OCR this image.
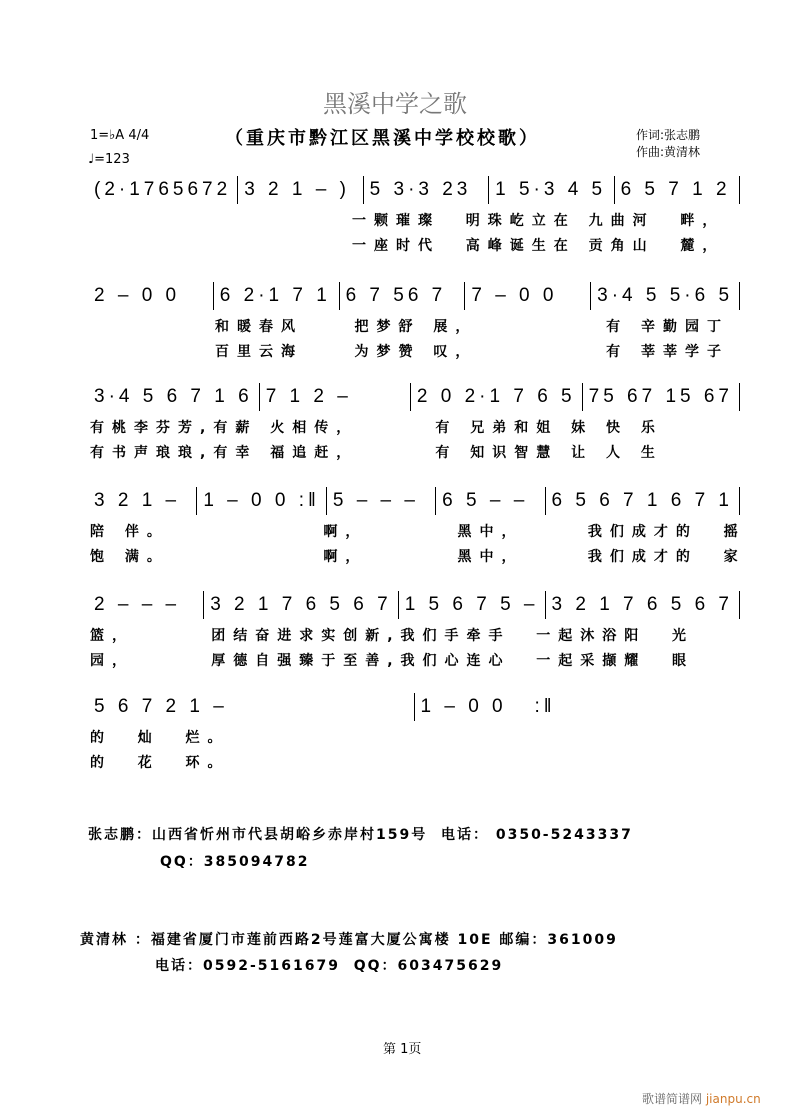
黑溪中学之歌
（重庆市黔江区黑溪中学校校歌）
1=♭A 4/4
♩=123
作词:张志鹏
作曲:黄清林
(2·1765672 3 2 1 – )	5 3·3 23	1 5·3 4 5 6 5 7 1 2
一颗璀璨  明珠屹立在 九曲河  畔，
一座时代  高峰诞生在 贡角山  麓，
2 – 0 0	6 2·1 7 1 6 7 56 7	7 – 0 0	3·4 5 5·6 5
和暖春风    把梦舒 展，          有 辛勤园丁
百里云海    为梦赞 叹，          有 莘莘学子
3·4 5 6 7 1 6 7 1 2 –	2 0 2·1 7 6 5 75 67 15 67
有桃李芬芳,有薪 火相传，      有 兄弟和姐 妹 快 乐
有书声琅琅,有幸 福追赶，      有 知识智慧 让 人 生
3 2 1 –	1 – 0 0 :‖ 5 – – –	6 5 – –	6 5 6 7 1 6 7 1
陪 伴。            啊，       黑中，     我们成才的  摇
饱 满。            啊，       黑中，     我们成才的  家
2 – – –	3 2 1 7 6 5 6 7 1 5 6 7 5 – 3 2 1 7 6 5 6 7
篮，      团结奋进求实创新,我们手牵手  一起沐浴阳  光
园，      厚德自强臻于至善,我们心连心  一起采撷耀  眼
5 6 7 2 1 –	1 – 0 0   :‖
的  灿  烂。
的  花  环。
张志鹏：山西省忻州市代县胡峪乡赤岸村159号  电话： 0350-5243337
QQ：385094782
黄清林 ：福建省厦门市莲前西路2号莲富大厦公寓楼 10E 邮编：361009
电话：0592-5161679  QQ：603475629
第 1页
歌谱简谱网 jianpu.cn
